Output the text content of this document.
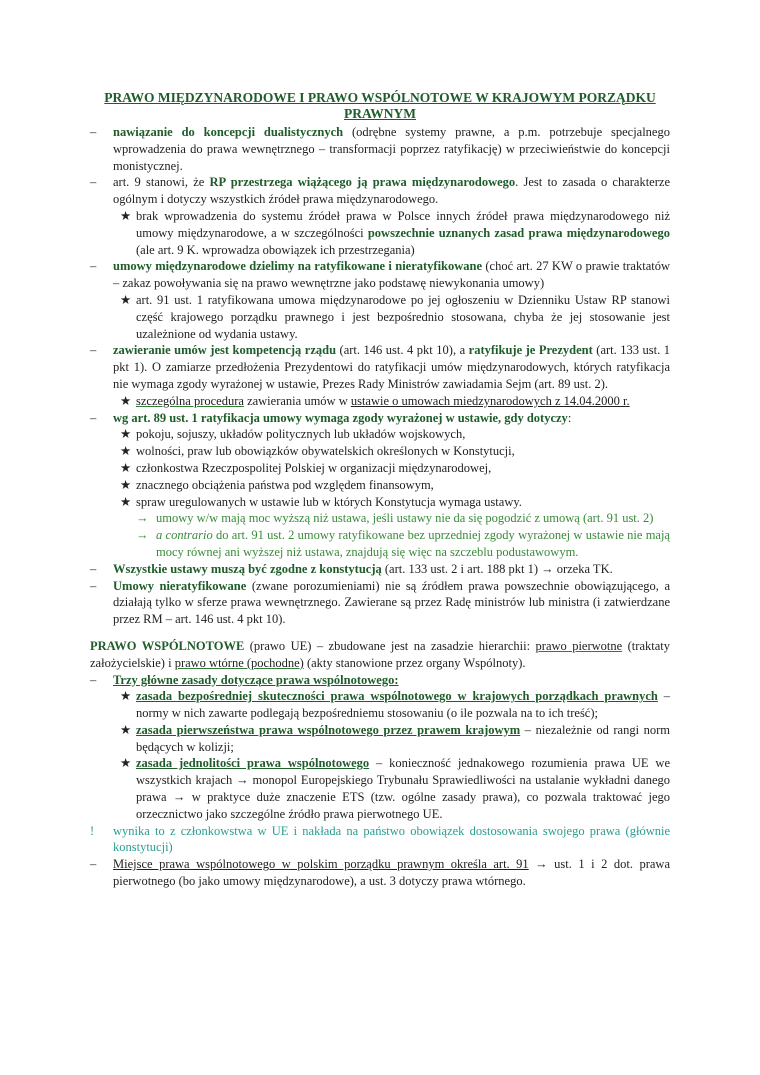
PRAWO MIĘDZYNARODOWE I PRAWO WSPÓLNOTOWE W KRAJOWYM PORZĄDKU PRAWNYM
– nawiązanie do koncepcji dualistycznych (odrębne systemy prawne, a p.m. potrzebuje specjalnego wprowadzenia do prawa wewnętrznego – transformacji poprzez ratyfikację) w przeciwieństwie do koncepcji monistycznej.
– art. 9 stanowi, że RP przestrzega wiążącego ją prawa międzynarodowego. Jest to zasada o charakterze ogólnym i dotyczy wszystkich źródeł prawa międzynarodowego.
★ brak wprowadzenia do systemu źródeł prawa w Polsce innych źródeł prawa międzynarodowego niż umowy międzynarodowe, a w szczególności powszechnie uznanych zasad prawa międzynarodowego (ale art. 9 K. wprowadza obowiązek ich przestrzegania)
– umowy międzynarodowe dzielimy na ratyfikowane i nieratyfikowane (choć art. 27 KW o prawie traktatów – zakaz powoływania się na prawo wewnętrzne jako podstawę niewykonania umowy)
★ art. 91 ust. 1 ratyfikowana umowa międzynarodowe po jej ogłoszeniu w Dzienniku Ustaw RP stanowi część krajowego porządku prawnego i jest bezpośrednio stosowana, chyba że jej stosowanie jest uzależnione od wydania ustawy.
– zawieranie umów jest kompetencją rządu (art. 146 ust. 4 pkt 10), a ratyfikuje je Prezydent (art. 133 ust. 1 pkt 1). O zamiarze przedłożenia Prezydentowi do ratyfikacji umów międzynarodowych, których ratyfikacja nie wymaga zgody wyrażonej w ustawie, Prezes Rady Ministrów zawiadamia Sejm (art. 89 ust. 2).
★ szczególna procedura zawierania umów w ustawie o umowach miedzynarodowych z 14.04.2000 r.
– wg art. 89 ust. 1 ratyfikacja umowy wymaga zgody wyrażonej w ustawie, gdy dotyczy:
★ pokoju, sojuszy, układów politycznych lub układów wojskowych,
★ wolności, praw lub obowiązków obywatelskich określonych w Konstytucji,
★ członkostwa Rzeczpospolitej Polskiej w organizacji międzynarodowej,
★ znacznego obciążenia państwa pod względem finansowym,
★ spraw uregulowanych w ustawie lub w których Konstytucja wymaga ustawy.
→ umowy w/w mają moc wyższą niż ustawa, jeśli ustawy nie da się pogodzić z umową (art. 91 ust. 2)
→ a contrario do art. 91 ust. 2 umowy ratyfikowane bez uprzedniej zgody wyrażonej w ustawie nie mają mocy równej ani wyższej niż ustawa, znajdują się więc na szczeblu podustawowym.
– Wszystkie ustawy muszą być zgodne z konstytucją (art. 133 ust. 2 i art. 188 pkt 1) → orzeka TK.
– Umowy nieratyfikowane (zwane porozumieniami) nie są źródłem prawa powszechnie obowiązującego, a działają tylko w sferze prawa wewnętrznego. Zawierane są przez Radę ministrów lub ministra (i zatwierdzane przez RM – art. 146 ust. 4 pkt 10).
PRAWO WSPÓLNOTOWE (prawo UE) – zbudowane jest na zasadzie hierarchii: prawo pierwotne (traktaty założycielskie) i prawo wtórne (pochodne) (akty stanowione przez organy Wspólnoty).
– Trzy główne zasady dotyczące prawa wspólnotowego:
★ zasada bezpośredniej skuteczności prawa wspólnotowego w krajowych porządkach prawnych – normy w nich zawarte podlegają bezpośredniemu stosowaniu (o ile pozwala na to ich treść);
★ zasada pierwszeństwa prawa wspólnotowego przez prawem krajowym – niezależnie od rangi norm będących w kolizji;
★ zasada jednolitości prawa wspólnotowego – konieczność jednakowego rozumienia prawa UE we wszystkich krajach → monopol Europejskiego Trybunału Sprawiedliwości na ustalanie wykładni danego prawa → w praktyce duże znaczenie ETS (tzw. ogólne zasady prawa), co pozwala traktować jego orzecznictwo jako szczególne źródło prawa pierwotnego UE.
! wynika to z członkowstwa w UE i nakłada na państwo obowiązek dostosowania swojego prawa (głównie konstytucji)
– Miejsce prawa wspólnotowego w polskim porządku prawnym określa art. 91 → ust. 1 i 2 dot. prawa pierwotnego (bo jako umowy międzynarodowe), a ust. 3 dotyczy prawa wtórnego.
